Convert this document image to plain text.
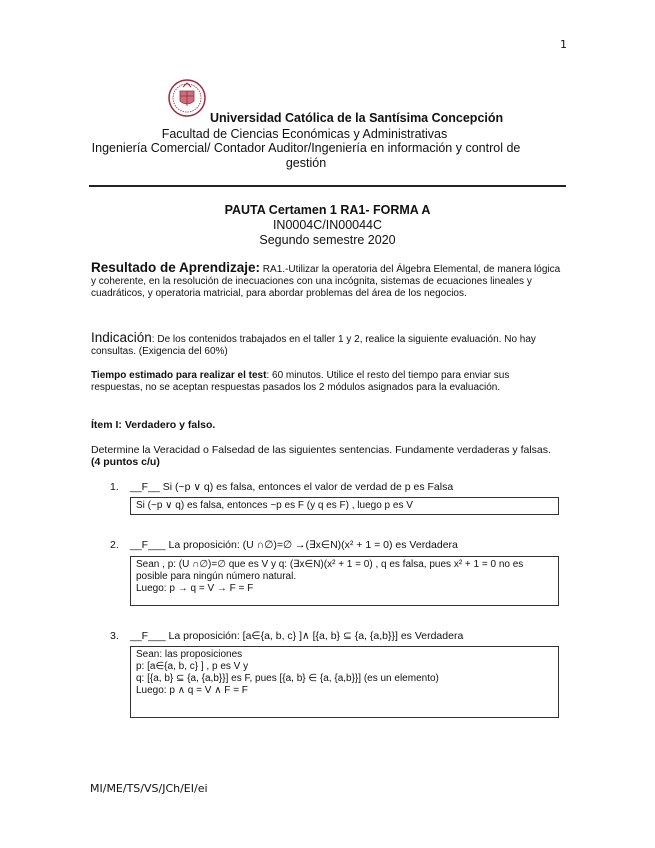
1
Universidad Católica de la Santísima Concepción
Facultad de Ciencias Económicas y Administrativas
Ingeniería Comercial/ Contador Auditor/Ingeniería en información y control de gestión
PAUTA Certamen 1 RA1- FORMA A
IN0004C/IN00044C
Segundo semestre 2020
Resultado de Aprendizaje: RA1.-Utilizar la operatoria del Álgebra Elemental, de manera lógica y coherente, en la resolución de inecuaciones con una incógnita, sistemas de ecuaciones lineales y cuadráticos, y operatoria matricial, para abordar problemas del área de los negocios.
Indicación: De los contenidos trabajados en el taller 1 y 2, realice la siguiente evaluación. No hay consultas. (Exigencia del 60%)
Tiempo estimado para realizar el test: 60 minutos. Utilice el resto del tiempo para enviar sus respuestas, no se aceptan respuestas pasados los 2 módulos asignados para la evaluación.
Ítem I: Verdadero y falso.
Determine la Veracidad o Falsedad de las siguientes sentencias. Fundamente verdaderas y falsas.
(4 puntos c/u)
1. __F__ Si (~p ∨ q) es falsa, entonces el valor de verdad de p es Falsa
Si (~p ∨ q) es falsa, entonces ~p es F (y q es F) , luego p es V
2. __F___ La proposición: (U ∩∅)=∅ →(∃x∈N)(x² + 1 = 0) es Verdadera
Sean , p: (U ∩∅)=∅ que es V y q: (∃x∈N)(x² + 1 = 0) , q es falsa, pues x² + 1 = 0 no es posible para ningún número natural.
Luego: p → q = V → F = F
3. __F___ La proposición: [a∈{a, b, c} ]∧ [{a, b} ⊆ {a, {a,b}}] es Verdadera
Sean: las proposiciones
p: [a∈{a, b, c} ] , p es V y
q: [{a, b} ⊆ {a, {a,b}}] es F, pues [{a, b} ∈ {a, {a,b}}] (es un elemento)
Luego: p ∧ q = V ∧ F = F
MI/ME/TS/VS/JCh/EI/ei
